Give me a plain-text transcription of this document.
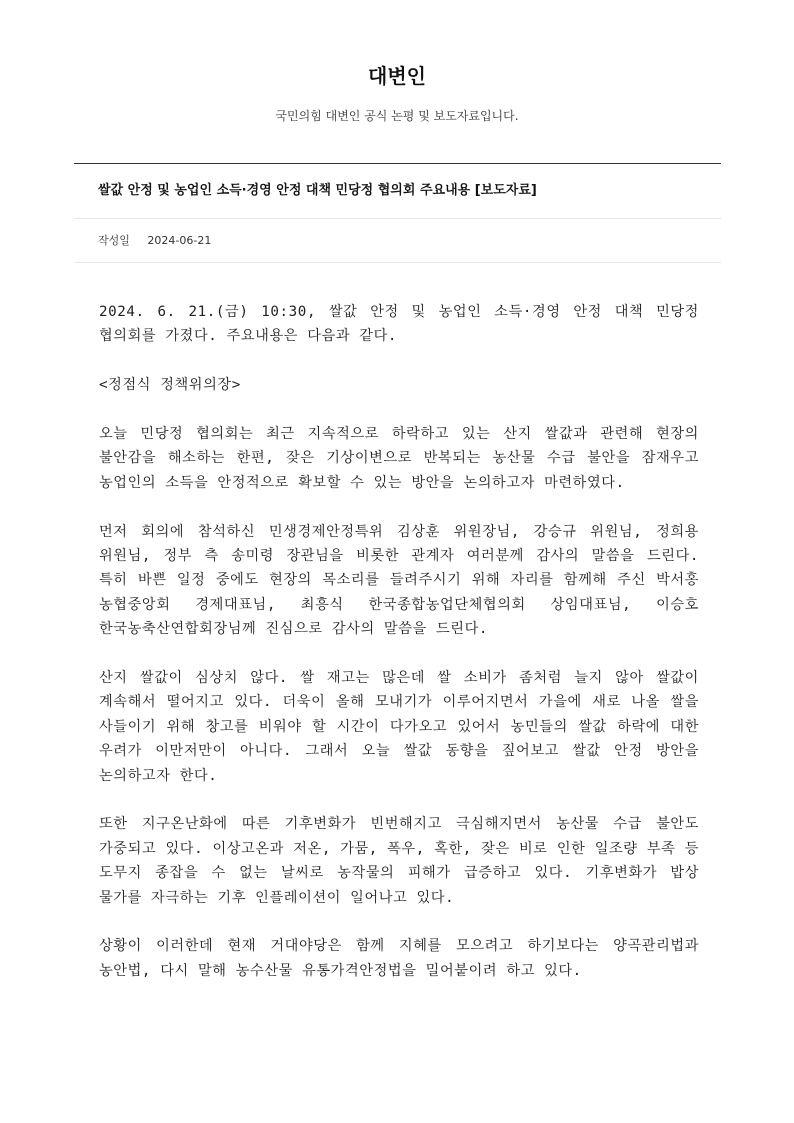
대변인
국민의힘 대변인 공식 논평 및 보도자료입니다.
쌀값 안정 및 농업인 소득·경영 안정 대책 민당정 협의회 주요내용 [보도자료]
작성일 2024-06-21

2024. 6. 21.(금) 10:30, 쌀값 안정 및 농업인 소득·경영 안정 대책 민당정 협의회를 가졌다. 주요내용은 다음과 같다.

<정점식 정책위의장>

오늘 민당정 협의회는 최근 지속적으로 하락하고 있는 산지 쌀값과 관련해 현장의 불안감을 해소하는 한편, 잦은 기상이변으로 반복되는 농산물 수급 불안을 잠재우고 농업인의 소득을 안정적으로 확보할 수 있는 방안을 논의하고자 마련하였다.

먼저 회의에 참석하신 민생경제안정특위 김상훈 위원장님, 강승규 위원님, 정희용 위원님, 정부 측 송미령 장관님을 비롯한 관계자 여러분께 감사의 말씀을 드린다. 특히 바쁜 일정 중에도 현장의 목소리를 들려주시기 위해 자리를 함께해 주신 박서홍 농협중앙회 경제대표님, 최흥식 한국종합농업단체협의회 상임대표님, 이승호 한국농축산연합회장님께 진심으로 감사의 말씀을 드린다.

산지 쌀값이 심상치 않다. 쌀 재고는 많은데 쌀 소비가 좀처럼 늘지 않아 쌀값이 계속해서 떨어지고 있다. 더욱이 올해 모내기가 이루어지면서 가을에 새로 나올 쌀을 사들이기 위해 창고를 비워야 할 시간이 다가오고 있어서 농민들의 쌀값 하락에 대한 우려가 이만저만이 아니다. 그래서 오늘 쌀값 동향을 짚어보고 쌀값 안정 방안을 논의하고자 한다.

또한 지구온난화에 따른 기후변화가 빈번해지고 극심해지면서 농산물 수급 불안도 가중되고 있다. 이상고온과 저온, 가뭄, 폭우, 혹한, 잦은 비로 인한 일조량 부족 등 도무지 종잡을 수 없는 날씨로 농작물의 피해가 급증하고 있다. 기후변화가 밥상 물가를 자극하는 기후 인플레이션이 일어나고 있다.

상황이 이러한데 현재 거대야당은 함께 지혜를 모으려고 하기보다는 양곡관리법과 농안법, 다시 말해 농수산물 유통가격안정법을 밀어붙이려 하고 있다.
